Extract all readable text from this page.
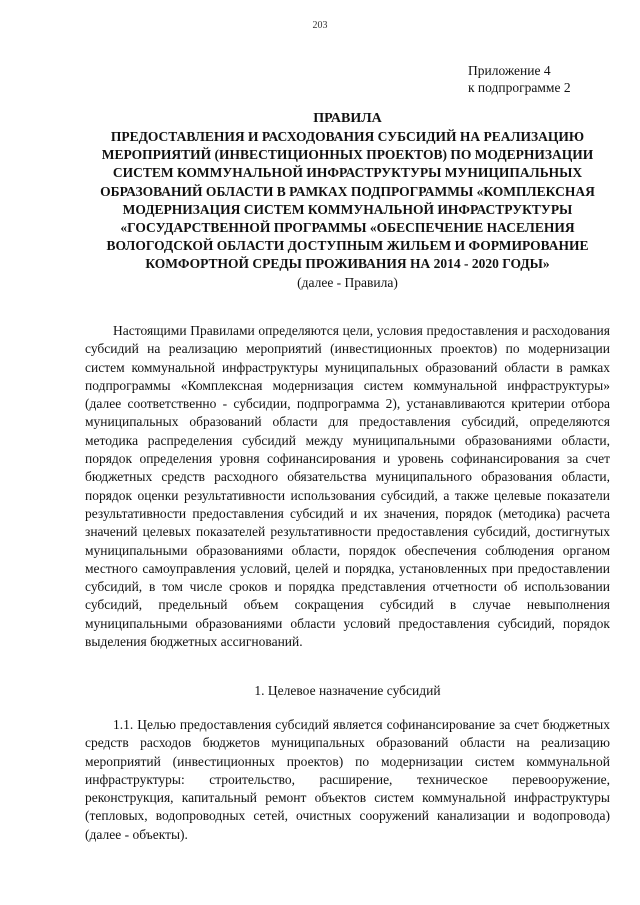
203
Приложение 4
к подпрограмме 2
ПРАВИЛА
ПРЕДОСТАВЛЕНИЯ И РАСХОДОВАНИЯ СУБСИДИЙ НА РЕАЛИЗАЦИЮ МЕРОПРИЯТИЙ (ИНВЕСТИЦИОННЫХ ПРОЕКТОВ) ПО МОДЕРНИЗАЦИИ СИСТЕМ КОММУНАЛЬНОЙ ИНФРАСТРУКТУРЫ МУНИЦИПАЛЬНЫХ ОБРАЗОВАНИЙ ОБЛАСТИ В РАМКАХ ПОДПРОГРАММЫ «КОМПЛЕКСНАЯ МОДЕРНИЗАЦИЯ СИСТЕМ КОММУНАЛЬНОЙ ИНФРАСТРУКТУРЫ «ГОСУДАРСТВЕННОЙ ПРОГРАММЫ «ОБЕСПЕЧЕНИЕ НАСЕЛЕНИЯ ВОЛОГОДСКОЙ ОБЛАСТИ ДОСТУПНЫМ ЖИЛЬЕМ И ФОРМИРОВАНИЕ КОМФОРТНОЙ СРЕДЫ ПРОЖИВАНИЯ НА 2014 - 2020 ГОДЫ»
(далее - Правила)

Настоящими Правилами определяются цели, условия предоставления и расходования субсидий на реализацию мероприятий (инвестиционных проектов) по модернизации систем коммунальной инфраструктуры муниципальных образований области в рамках подпрограммы «Комплексная модернизация систем коммунальной инфраструктуры» (далее соответственно - субсидии, подпрограмма 2), устанавливаются критерии отбора муниципальных образований области для предоставления субсидий, определяются методика распределения субсидий между муниципальными образованиями области, порядок определения уровня софинансирования и уровень софинансирования за счет бюджетных средств расходного обязательства муниципального образования области, порядок оценки результативности использования субсидий, а также целевые показатели результативности предоставления субсидий и их значения, порядок (методика) расчета значений целевых показателей результативности предоставления субсидий, достигнутых муниципальными образованиями области, порядок обеспечения соблюдения органом местного самоуправления условий, целей и порядка, установленных при предоставлении субсидий, в том числе сроков и порядка представления отчетности об использовании субсидий, предельный объем сокращения субсидий в случае невыполнения муниципальными образованиями области условий предоставления субсидий, порядок выделения бюджетных ассигнований.

1. Целевое назначение субсидий

1.1. Целью предоставления субсидий является софинансирование за счет бюджетных средств расходов бюджетов муниципальных образований области на реализацию мероприятий (инвестиционных проектов) по модернизации систем коммунальной инфраструктуры: строительство, расширение, техническое перевооружение, реконструкция, капитальный ремонт объектов систем коммунальной инфраструктуры (тепловых, водопроводных сетей, очистных сооружений канализации и водопровода) (далее - объекты).
